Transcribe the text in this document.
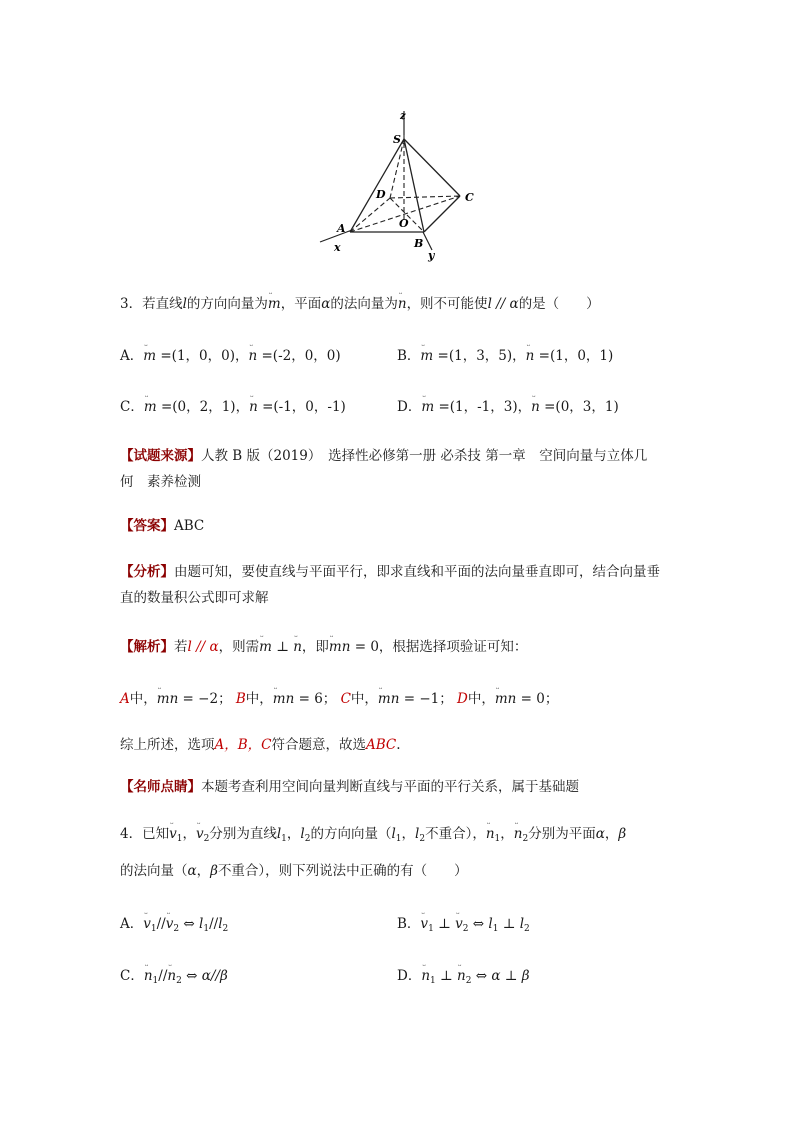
z
S
D	C
O
A
B
x
y
3．若直线l的方向向量为ᵕ m，平面α的法向量为ᵕ n，则不可能使l // α的是（　　）
A．ᵕ m =(1，0，0)，ᵕ n =(-2，0，0)	B．ᵕ m =(1，3，5)，ᵕ n =(1，0，1)
C．ᵕ m =(0，2，1)，ᵕ n =(-1，0，-1)	D．ᵕ m =(1，-1，3)，ᵕ n =(0，3，1)
【试题来源】人教 B 版（2019）　选择性必修第一册 必杀技 第一章　空间向量与立体几
何　素养检测
【答案】ABC
【分析】由题可知，要使直线与平面平行，即求直线和平面的法向量垂直即可，结合向量垂
直的数量积公式即可求解
【解析】若l // α，则需ᵕ m ⊥ ᵕ n，即ᵕ mn = 0，根据选择项验证可知：
A中，ᵕ mn = −2； B中，ᵕ mn = 6； C中，ᵕ mn = −1； D中，ᵕ mn = 0；
综上所述，选项A，B，C符合题意，故选ABC.
【名师点睛】本题考查利用空间向量判断直线与平面的平行关系，属于基础题
4．已知ᵕ $v_1$，ᵕ $v_2$分别为直线$l_1$，$l_2$的方向向量（$l_1$，$l_2$不重合），ᵕ $n_1$，ᵕ $n_2$分别为平面α，β
的法向量（α，β不重合），则下列说法中正确的有（　　）
A．ᵕ $v_1//ᵕ$ $v_2$ ⇔ $l_1//l_2$	B．ᵕ $v_1$ ⊥ ᵕ $v_2$ ⇔ $l_1$ ⊥ $l_2$
C．ᵕ $n_1//ᵕ$ $n_2$ ⇔ α//β	D．ᵕ $n_1$ ⊥ ᵕ $n_2$ ⇔ α ⊥ β
